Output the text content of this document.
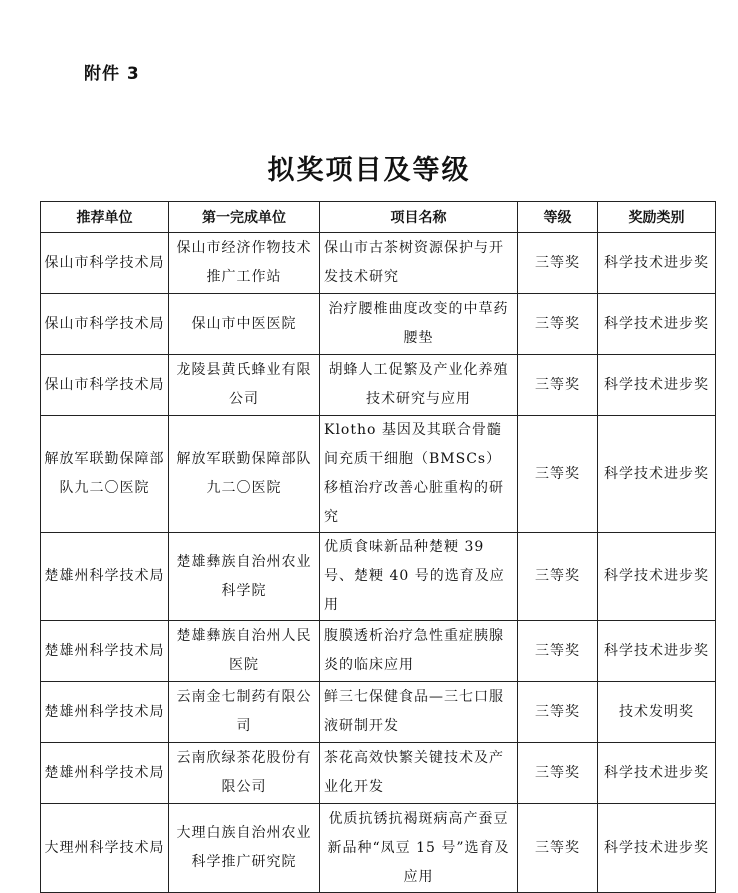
附件 3
拟奖项目及等级
推荐单位	第一完成单位	项目名称	等级	奖励类别
保山市科学技术局	保山市经济作物技术推广工作站	保山市古茶树资源保护与开发技术研究	三等奖	科学技术进步奖
保山市科学技术局	保山市中医医院	治疗腰椎曲度改变的中草药腰垫	三等奖	科学技术进步奖
保山市科学技术局	龙陵县黄氏蜂业有限公司	胡蜂人工促繁及产业化养殖技术研究与应用	三等奖	科学技术进步奖
解放军联勤保障部队九二〇医院	解放军联勤保障部队九二〇医院	Klotho 基因及其联合骨髓间充质干细胞（BMSCs）移植治疗改善心脏重构的研究	三等奖	科学技术进步奖
楚雄州科学技术局	楚雄彝族自治州农业科学院	优质食味新品种楚粳 39 号、楚粳 40 号的选育及应用	三等奖	科学技术进步奖
楚雄州科学技术局	楚雄彝族自治州人民医院	腹膜透析治疗急性重症胰腺炎的临床应用	三等奖	科学技术进步奖
楚雄州科学技术局	云南金七制药有限公司	鲜三七保健食品—三七口服液研制开发	三等奖	技术发明奖
楚雄州科学技术局	云南欣绿茶花股份有限公司	茶花高效快繁关键技术及产业化开发	三等奖	科学技术进步奖
大理州科学技术局	大理白族自治州农业科学推广研究院	优质抗锈抗褐斑病高产蚕豆新品种“凤豆 15 号”选育及应用	三等奖	科学技术进步奖
